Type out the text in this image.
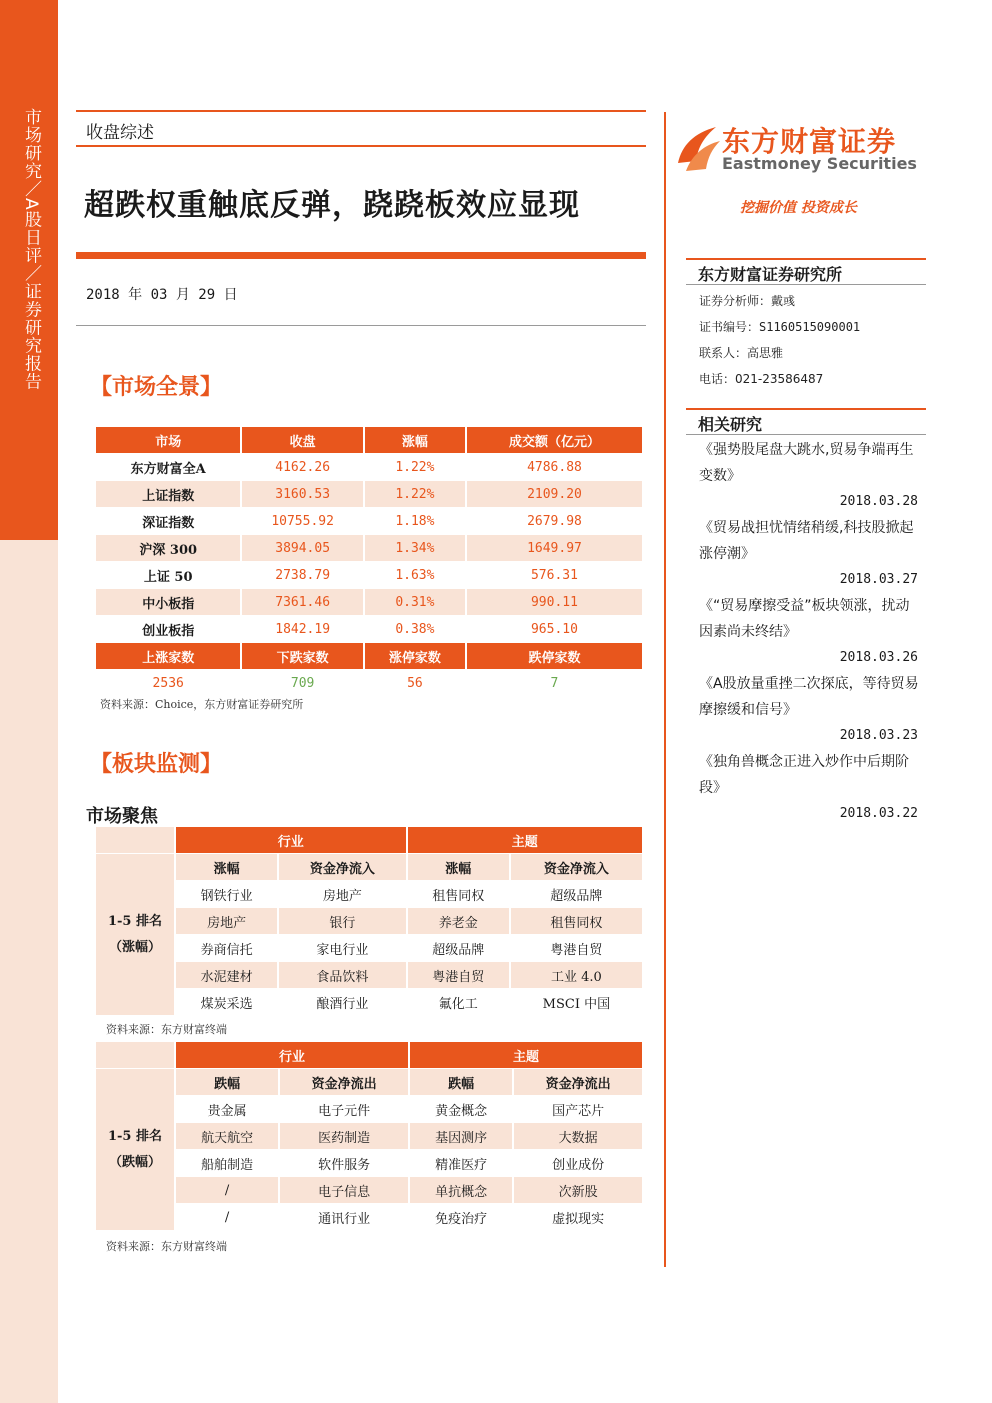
市场研究／A股日评／证券研究报告	收盘综述
超跌权重触底反弹，跷跷板效应显现
2018 年 03 月 29 日
【市场全景】
市场	收盘	涨幅	成交额（亿元）
东方财富全A	4162.26	1.22%	4786.88
上证指数	3160.53	1.22%	2109.20
深证指数	10755.92	1.18%	2679.98
沪深 300	3894.05	1.34%	1649.97
上证 50	2738.79	1.63%	576.31
中小板指	7361.46	0.31%	990.11
创业板指	1842.19	0.38%	965.10
上涨家数	下跌家数	涨停家数	跌停家数
2536	709	56	7
资料来源：Choice，东方财富证券研究所
【板块监测】
市场聚焦
	行业		主题	

1-5 排名
（涨幅）	涨幅	资金净流入	涨幅	资金净流入
	钢铁行业	房地产	租售同权	超级品牌
	房地产	银行	养老金	租售同权
	券商信托	家电行业	超级品牌	粤港自贸
	水泥建材	食品饮料	粤港自贸	工业 4.0
	煤炭采选	酿酒行业	氟化工	MSCI 中国
资料来源：东方财富终端
	行业		主题	

1-5 排名
（跌幅）	跌幅	资金净流出	跌幅	资金净流出
	贵金属	电子元件	黄金概念	国产芯片
	航天航空	医药制造	基因测序	大数据
	船舶制造	软件服务	精准医疗	创业成份
	/	电子信息	单抗概念	次新股
	/	通讯行业	免疫治疗	虚拟现实
资料来源：东方财富终端
东方财富证券
Eastmoney Securities
挖掘价值 投资成长
东方财富证券研究所
证券分析师：戴彧
证书编号：S1160515090001
联系人：高思雅
电话：021-23586487
相关研究
《强势股尾盘大跳水,贸易争端再生变数》
2018.03.28
《贸易战担忧情绪稍缓,科技股掀起涨停潮》
2018.03.27
《“贸易摩擦受益”板块领涨，扰动因素尚未终结》
2018.03.26
《A股放量重挫二次探底，等待贸易摩擦缓和信号》
2018.03.23
《独角兽概念正进入炒作中后期阶段》
2018.03.22
